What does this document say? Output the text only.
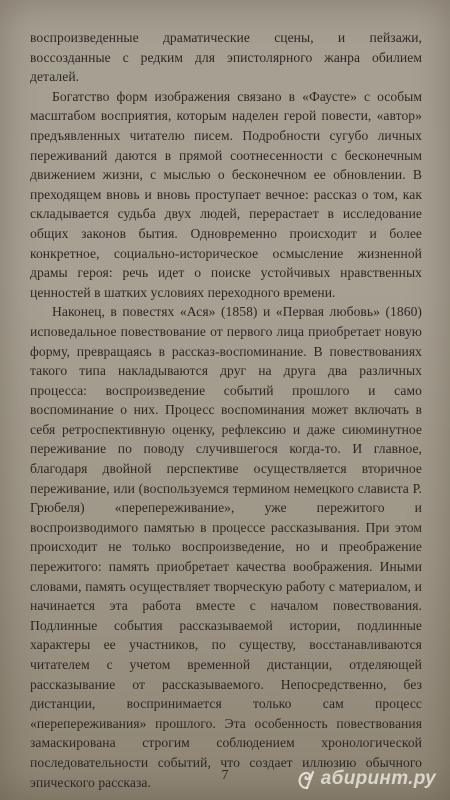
воспроизведенные драматические сцены, и пейзажи, воссозданные с редким для эпистолярного жанра обилием деталей.

Богатство форм изображения связано в «Фаусте» с особым масштабом восприятия, которым наделен герой повести, «автор» предъявленных читателю писем. Подробности сугубо личных переживаний даются в прямой соотнесенности с бесконечным движением жизни, с мыслью о бесконечном ее обновлении. В преходящем вновь и вновь проступает вечное: рассказ о том, как складывается судьба двух людей, перерастает в исследование общих законов бытия. Одновременно происходит и более конкретное, социально-историческое осмысление жизненной драмы героя: речь идет о поиске устойчивых нравственных ценностей в шатких условиях переходного времени.

Наконец, в повестях «Ася» (1858) и «Первая любовь» (1860) исповедальное повествование от первого лица приобретает новую форму, превращаясь в рассказ-воспоминание. В повествованиях такого типа накладываются друг на друга два различных процесса: воспроизведение событий прошлого и само воспоминание о них. Процесс воспоминания может включать в себя ретроспективную оценку, рефлексию и даже сиюминутное переживание по поводу случившегося когда-то. И главное, благодаря двойной перспективе осуществляется вторичное переживание, или (воспользуемся термином немецкого слависта Р. Грюбеля) «перепереживание», уже пережитого и воспроизводимого памятью в процессе рассказывания. При этом происходит не только воспроизведение, но и преображение пережитого: память приобретает качества воображения. Иными словами, память осуществляет творческую работу с материалом, и начинается эта работа вместе с началом повествования. Подлинные события рассказываемой истории, подлинные характеры ее участников, по существу, восстанавливаются читателем с учетом временной дистанции, отделяющей рассказывание от рассказываемого. Непосредственно, без дистанции, воспринимается только сам процесс «перепереживания» прошлого. Эта особенность повествования замаскирована строгим соблюдением хронологической последовательности событий, что создает иллюзию обычного эпического рассказа.	7	абиринт.ру
